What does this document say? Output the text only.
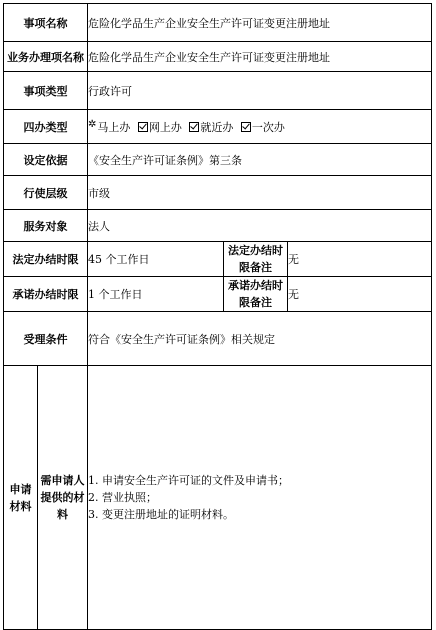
事项名称		危险化学品生产企业安全生产许可证变更注册地址		
业务办理项名称		危险化学品生产企业安全生产许可证变更注册地址		
事项类型		行政许可		
四办类型		✲马上办 网上办 就近办 一次办		
设定依据		《安全生产许可证条例》第三条		
行使层级		市级		
服务对象		法人		
法定办结时限		45 个工作日	法定办结时限备注	无
承诺办结时限		1 个工作日	承诺办结时限备注	无
受理条件		符合《安全生产许可证条例》相关规定		
申请材料	需申请人提供的材料	1. 申请安全生产许可证的文件及申请书；
2. 营业执照；
3. 变更注册地址的证明材料。		
